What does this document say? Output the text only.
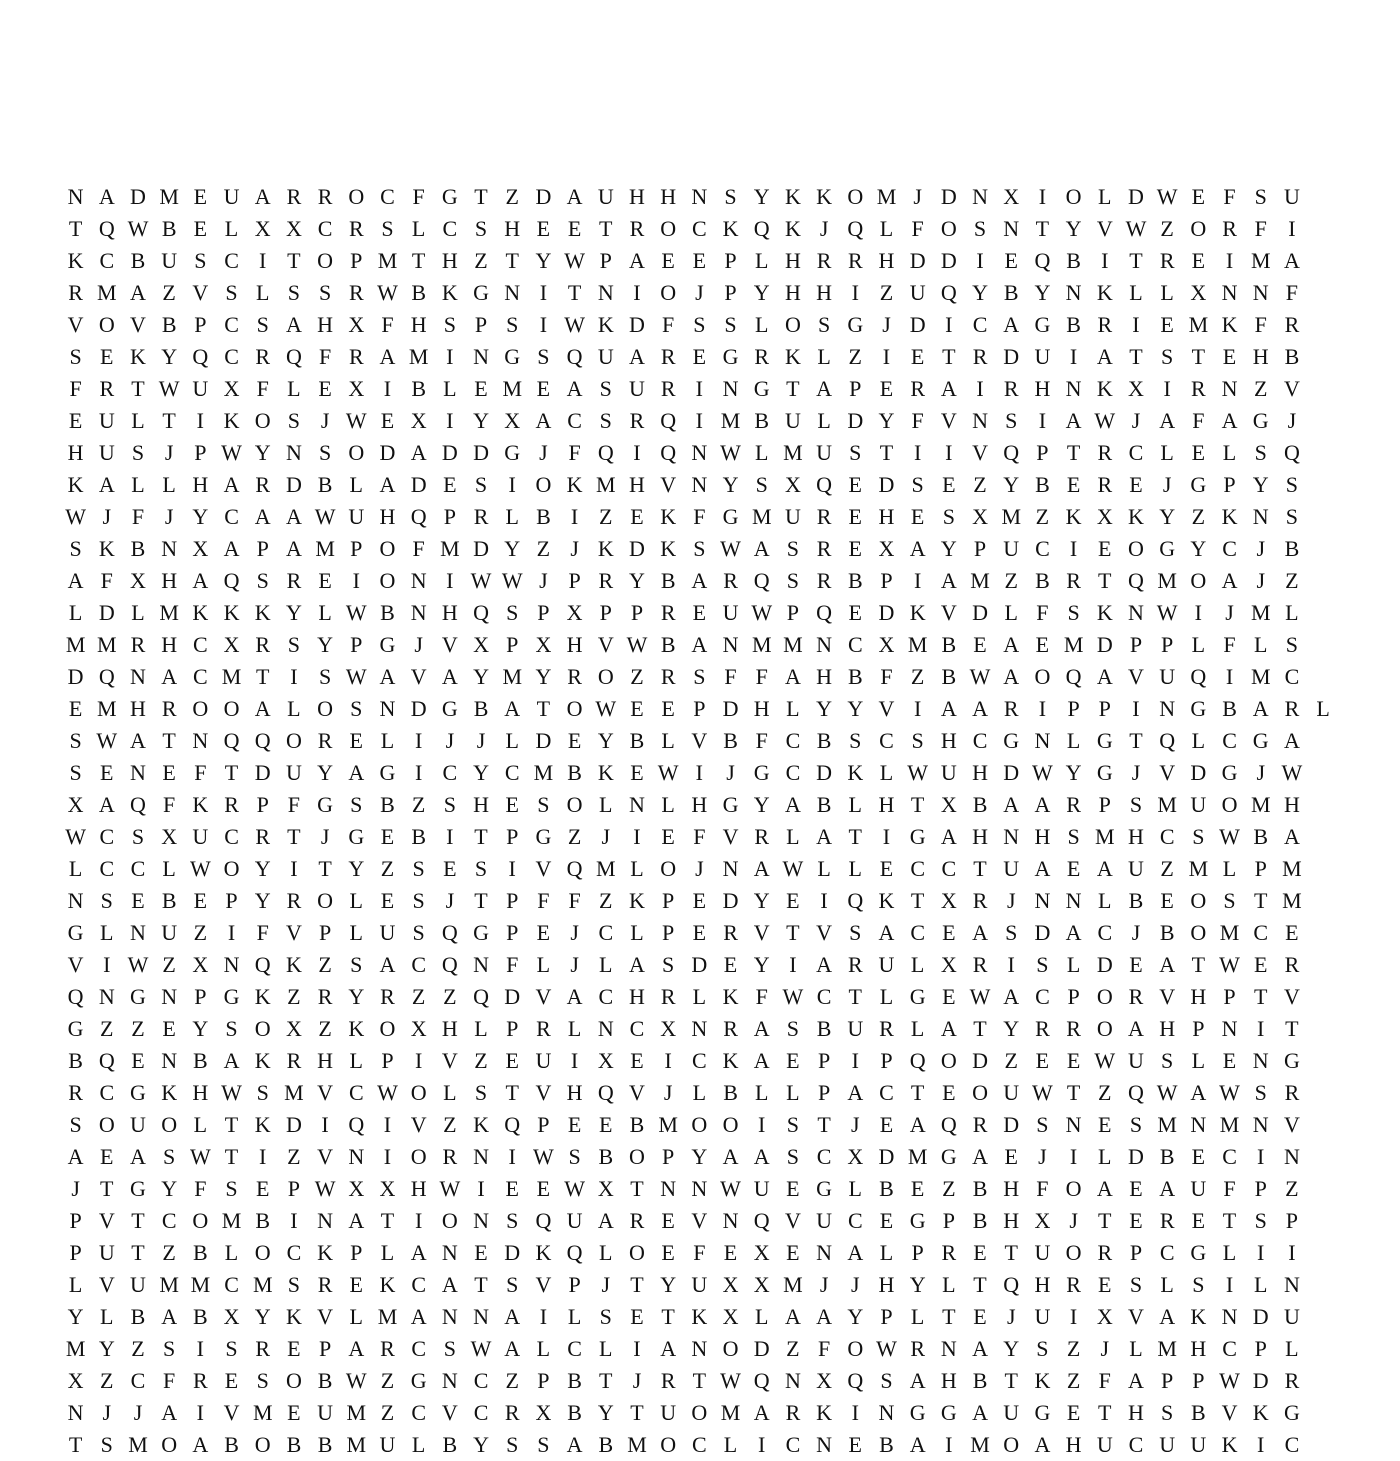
N A D M E U A R R O C F G T Z D A U H H N S Y K K O M J D N X I O L D W E F S U
T Q W B E L X X C R S L C S H E E T R O C K Q K J Q L F O S N T Y V W Z O R F I
K C B U S C I T O P M T H Z T Y W P A E E P L H R R H D D I E Q B I T R E I M A
R M A Z V S L S S R W B K G N I T N I O J P Y H H I Z U Q Y B Y N K L L X N N F
V O V B P C S A H X F H S P S I W K D F S S L O S G J D I C A G B R I E M K F R
S E K Y Q C R Q F R A M I N G S Q U A R E G R K L Z I E T R D U I A T S T E H B
F R T W U X F L E X I B L E M E A S U R I N G T A P E R A I R H N K X I R N Z V
E U L T I K O S J W E X I Y X A C S R Q I M B U L D Y F V N S I A W J A F A G J
H U S J P W Y N S O D A D D G J F Q I Q N W L M U S T I	I V Q P T R C L E L S Q
K A L L H A R D B L A D E S I O K M H V N Y S X Q E D S E Z Y B E R E J G P Y S
W J F J Y C A A W U H Q P R L B I Z E K F G M U R E H E S X M Z K X K Y Z K N S
S K B N X A P A M P O F M D Y Z J K D K S W A S R E X A Y P U C I E O G Y C J B
A F X H A Q S R E I O N I W W J P R Y B A R Q S R B P I A M Z B R T Q M O A J Z
L D L M K K K Y L W B N H Q S P X P P R E U W P Q E D K V D L F S K N W I	J M L
M M R H C X R S Y P G J V X P X H V W B A N M M N C X M B E A E M D P P L F L S
D Q N A C M T I S W A V A Y M Y R O Z R S F F A H B F Z B W A O Q A V U Q I M C
E M H R O O A L O S N D G B A T O W E E P D H L Y Y V I A A R I P P I N G B A R L
S W A T N Q Q O R E L I	J	J L D E Y B L V B F C B S C S H C G N L G T Q L C G A
S E N E F T D U Y A G I C Y C M B K E W I	J G C D K L W U H D W Y G J V D G J W
X A Q F K R P F G S B Z S H E S O L N L H G Y A B L H T X B A A R P S M U O M H
W C S X U C R T J G E B I T P G Z J	I E F V R L A T I G A H N H S M H C S W B A
L C C L W O Y I T Y Z S E S I V Q M L O J N A W L L E C C T U A E A U Z M L P M
N S E B E P Y R O L E S J T P F F Z K P E D Y E I Q K T X R J N N L B E O S T M
G L N U Z I F V P L U S Q G P E J C L P E R V T V S A C E A S D A C J B O M C E
V I W Z X N Q K Z S A C Q N F L J L A S D E Y I A R U L X R I S L D E A T W E R
Q N G N P G K Z R Y R Z Z Q D V A C H R L K F W C T L G E W A C P O R V H P T V
G Z Z E Y S O X Z K O X H L P R L N C X N R A S B U R L A T Y R R O A H P N I T
B Q E N B A K R H L P I V Z E U I X E I C K A E P I P Q O D Z E E W U S L E N G
R C G K H W S M V C W O L S T V H Q V J L B L L P A C T E O U W T Z Q W A W S R
S O U O L T K D I Q I V Z K Q P E E B M O O I S T J E A Q R D S N E S M N M N V
A E A S W T I Z V N I O R N I W S B O P Y A A S C X D M G A E J	I L D B E C I N
J T G Y F S E P W X X H W I E E W X T N N W U E G L B E Z B H F O A E A U F P Z
P V T C O M B I N A T I O N S Q U A R E V N Q V U C E G P B H X J T E R E T S P
P U T Z B L O C K P L A N E D K Q L O E F E X E N A L P R E T U O R P C G L I	I
L V U M M C M S R E K C A T S V P J T Y U X X M J	J H Y L T Q H R E S L S I L N
Y L B A B X Y K V L M A N N A I L S E T K X L A A Y P L T E J U I X V A K N D U
M Y Z S I S R E P A R C S W A L C L I A N O D Z F O W R N A Y S Z J L M H C P L
X Z C F R E S O B W Z G N C Z P B T J R T W Q N X Q S A H B T K Z F A P P W D R
N J	J A I V M E U M Z C V C R X B Y T U O M A R K I N G G A U G E T H S B V K G
T S M O A B O B B M U L B Y S S A B M O C L I C N E B A I M O A H U C U U K I C
